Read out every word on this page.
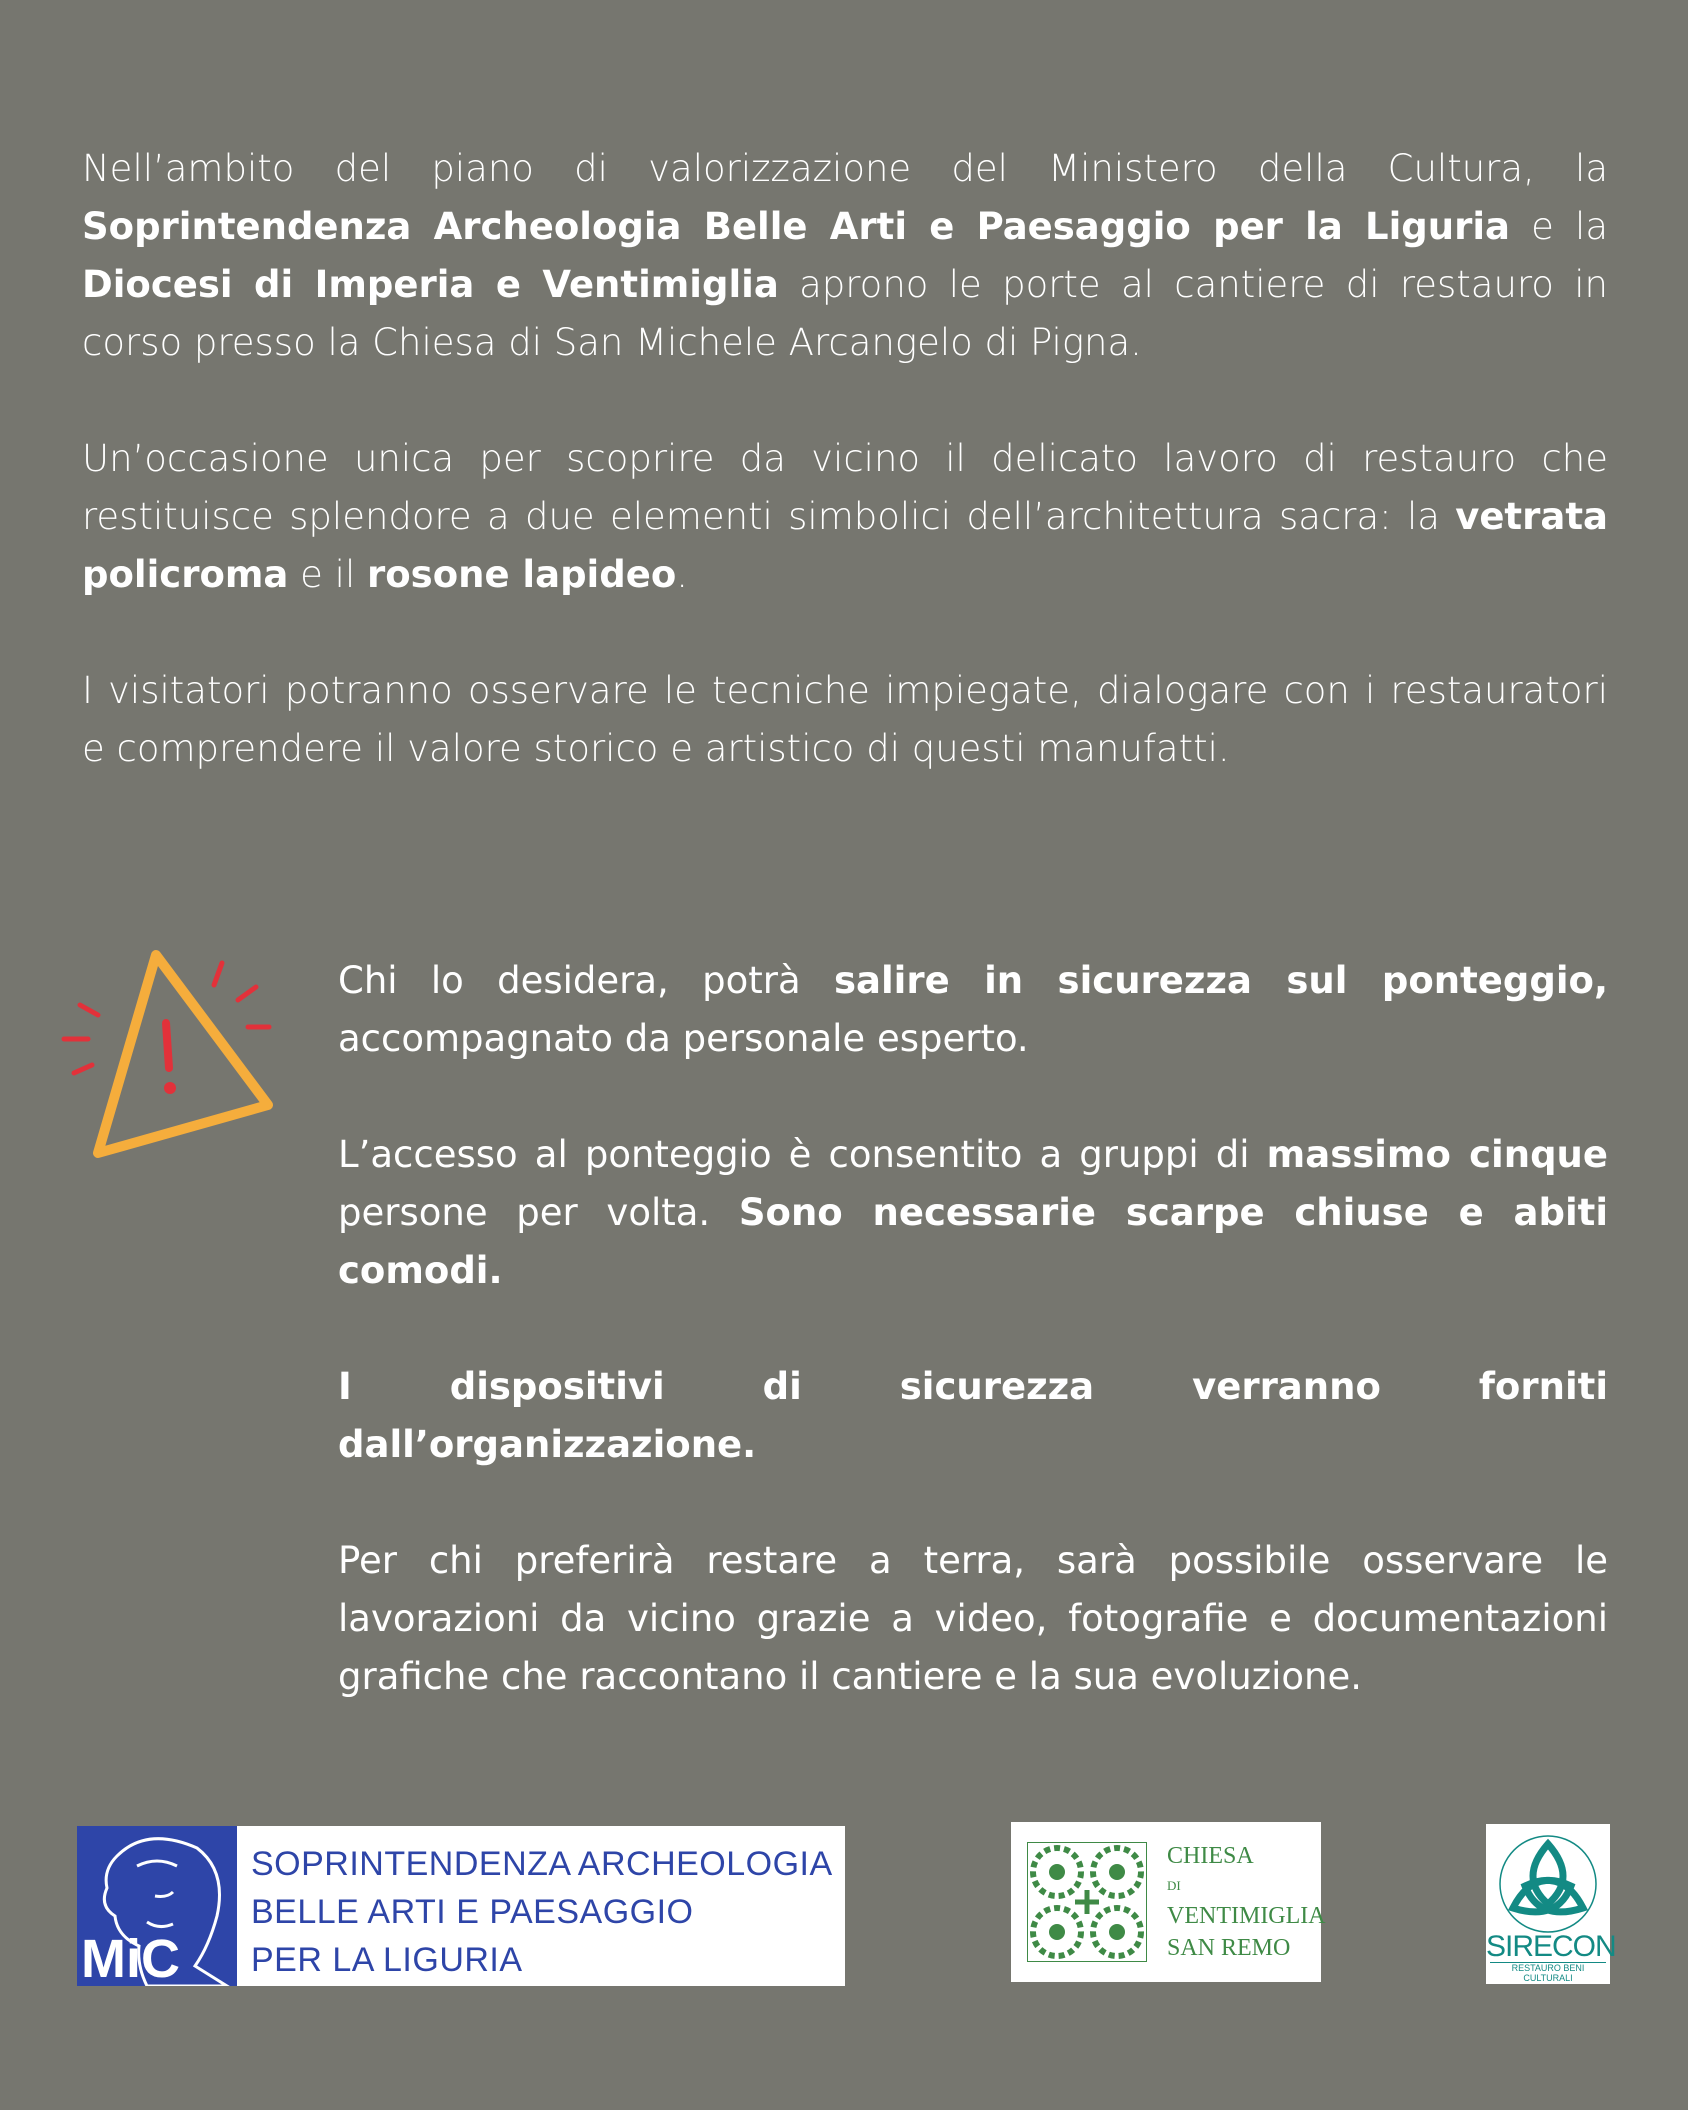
Nell’ambito del piano di valorizzazione del Ministero della Cultura, la Soprintendenza Archeologia Belle Arti e Paesaggio per la Liguria e la Diocesi di Imperia e Ventimiglia aprono le porte al cantiere di restauro in corso presso la Chiesa di San Michele Arcangelo di Pigna.

Un’occasione unica per scoprire da vicino il delicato lavoro di restauro che restituisce splendore a due elementi simbolici dell’architettura sacra: la vetrata policroma e il rosone lapideo.

I visitatori potranno osservare le tecniche impiegate, dialogare con i restauratori e comprendere il valore storico e artistico di questi manufatti.

Chi lo desidera, potrà salire in sicurezza sul ponteggio, accompagnato da personale esperto.

L’accesso al ponteggio è consentito a gruppi di massimo cinque persone per volta. Sono necessarie scarpe chiuse e abiti comodi.

I dispositivi di sicurezza verranno forniti dall’organizzazione.

Per chi preferirà restare a terra, sarà possibile osservare le lavorazioni da vicino grazie a video, fotografie e documentazioni grafiche che raccontano il cantiere e la sua evoluzione.

MiC
SOPRINTENDENZA ARCHEOLOGIA
BELLE ARTI E PAESAGGIO
PER LA LIGURIA
CHIESA
DI
VENTIMIGLIA
SAN REMO	SIRECON
RESTAURO BENI CULTURALI
